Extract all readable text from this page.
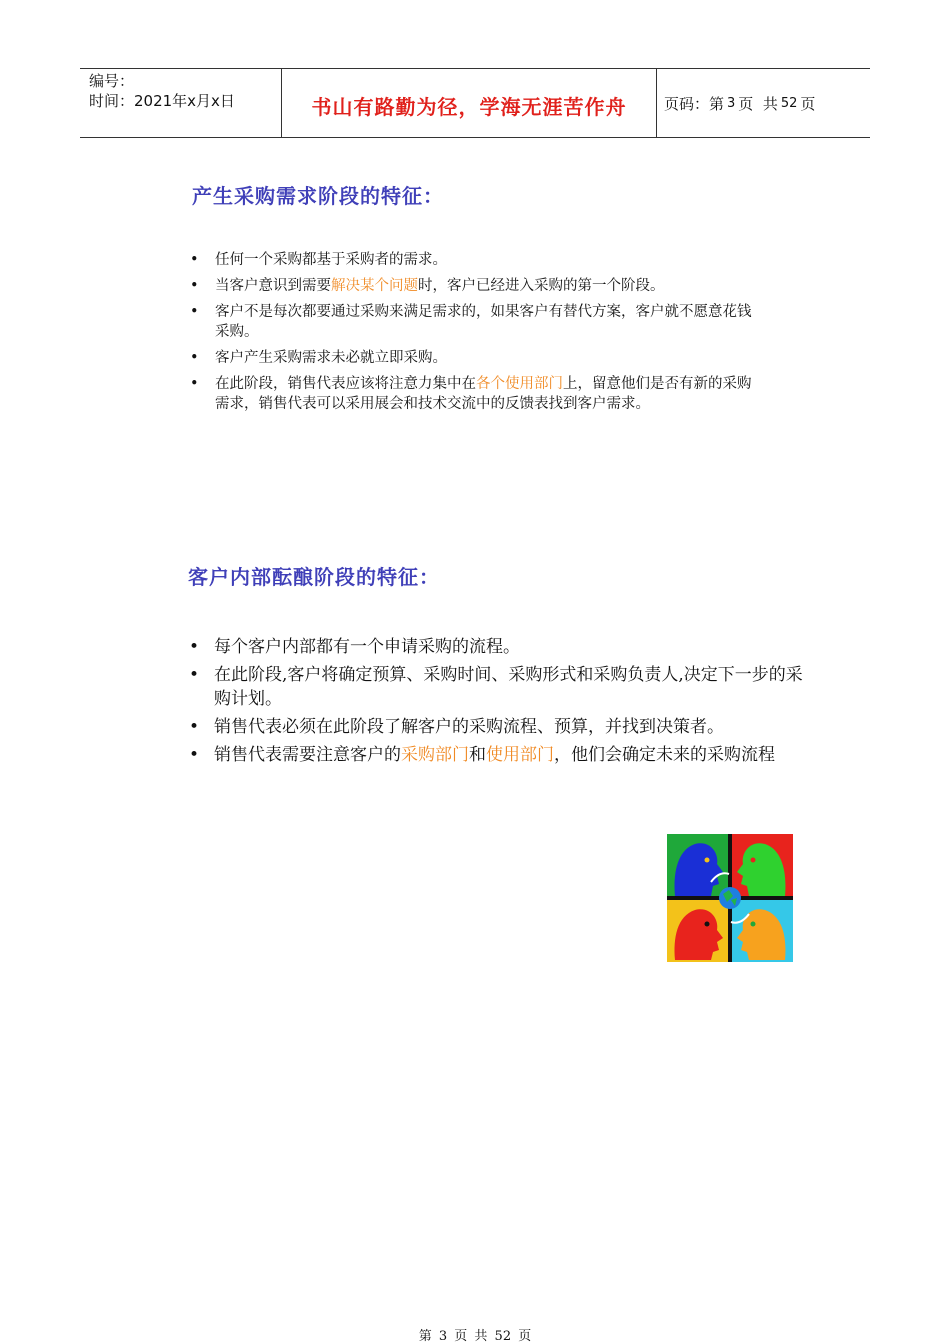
编号：
时间：2021年x月x日	书山有路勤为径，学海无涯苦作舟	页码：第 3 页  共 52 页
产生采购需求阶段的特征：
• 任何一个采购都基于采购者的需求。
• 当客户意识到需要解决某个问题时，客户已经进入采购的第一个阶段。
• 客户不是每次都要通过采购来满足需求的，如果客户有替代方案，客户就不愿意花钱采购。
• 客户产生采购需求未必就立即采购。
• 在此阶段，销售代表应该将注意力集中在各个使用部门上，留意他们是否有新的采购需求，销售代表可以采用展会和技术交流中的反馈表找到客户需求。
客户内部酝酿阶段的特征：
• 每个客户内部都有一个申请采购的流程。
• 在此阶段,客户将确定预算、采购时间、采购形式和采购负责人,决定下一步的采购计划。
• 销售代表必须在此阶段了解客户的采购流程、预算，并找到决策者。
• 销售代表需要注意客户的采购部门和使用部门，他们会确定未来的采购流程
第 3 页 共 52 页
